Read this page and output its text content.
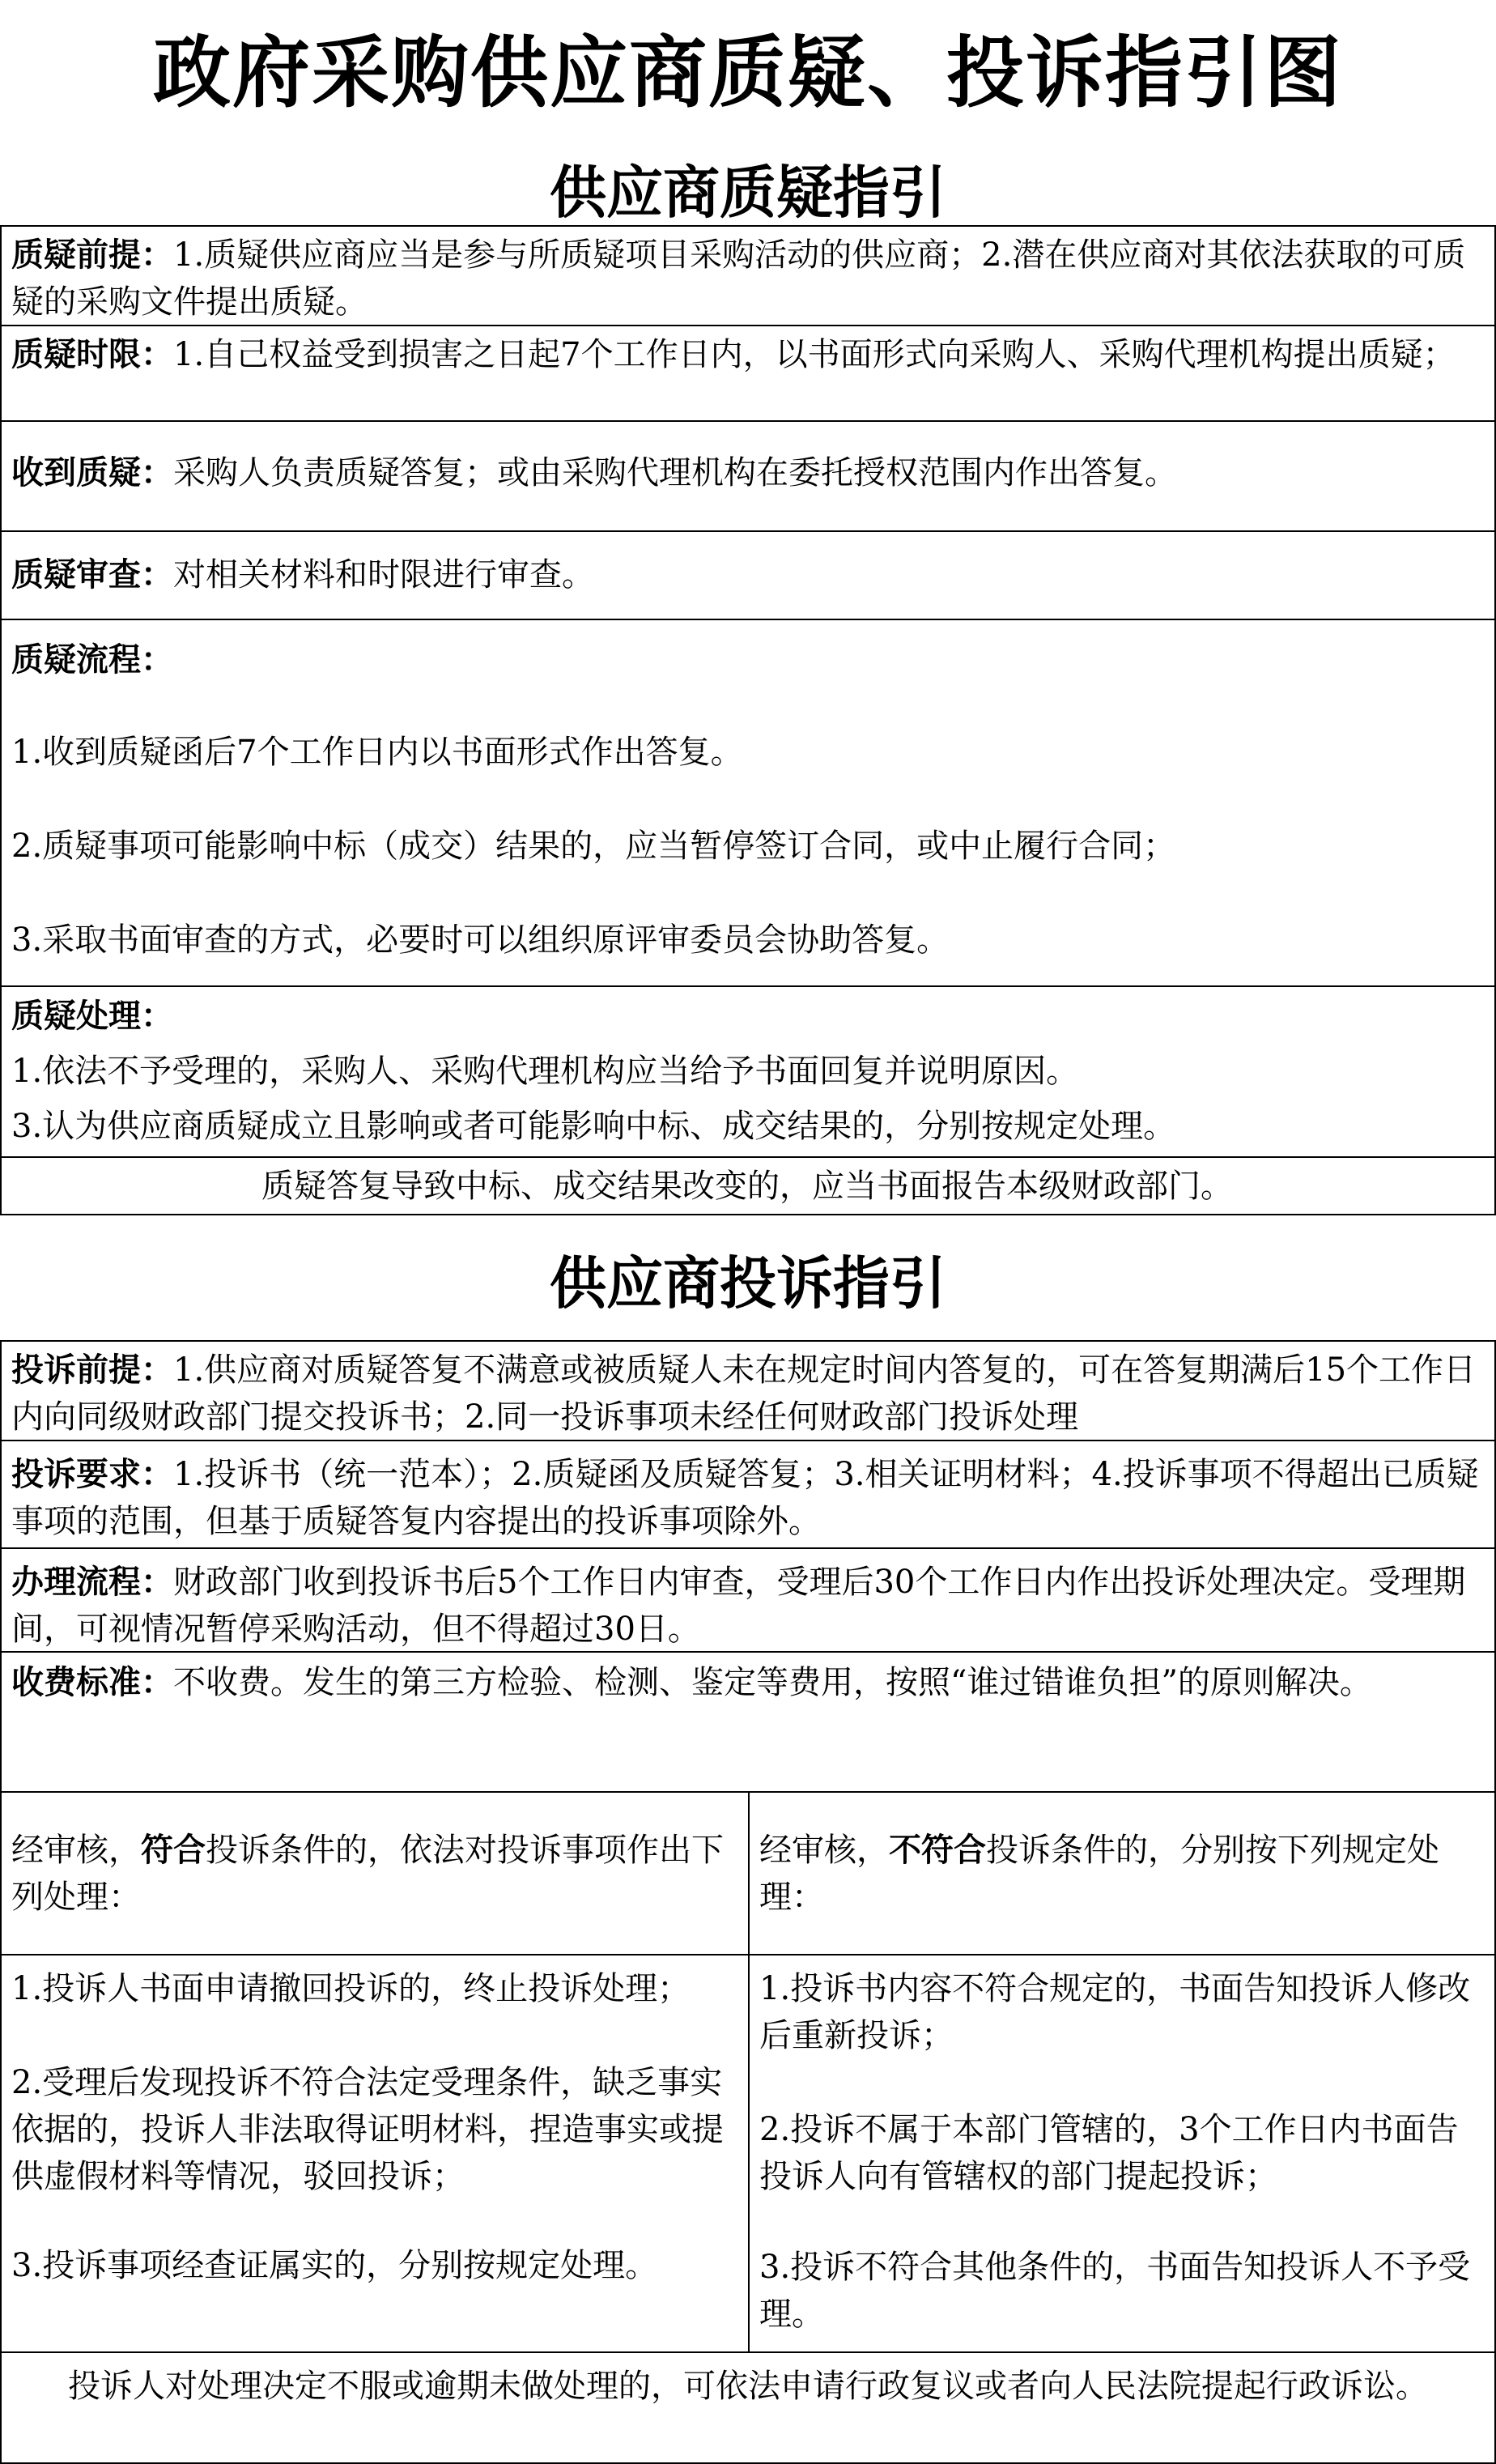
政府采购供应商质疑、投诉指引图
供应商质疑指引

质疑前提：1.质疑供应商应当是参与所质疑项目采购活动的供应商；2.潜在供应商对其依法获取的可质疑的采购文件提出质疑。

质疑时限：1.自己权益受到损害之日起7个工作日内，以书面形式向采购人、采购代理机构提出质疑；

收到质疑：采购人负责质疑答复；或由采购代理机构在委托授权范围内作出答复。

质疑审查：对相关材料和时限进行审查。

质疑流程：

1.收到质疑函后7个工作日内以书面形式作出答复。

2.质疑事项可能影响中标（成交）结果的，应当暂停签订合同，或中止履行合同；

3.采取书面审查的方式，必要时可以组织原评审委员会协助答复。

质疑处理：

1.依法不予受理的，采购人、采购代理机构应当给予书面回复并说明原因。

3.认为供应商质疑成立且影响或者可能影响中标、成交结果的，分别按规定处理。

质疑答复导致中标、成交结果改变的，应当书面报告本级财政部门。

供应商投诉指引

投诉前提：1.供应商对质疑答复不满意或被质疑人未在规定时间内答复的，可在答复期满后15个工作日内向同级财政部门提交投诉书；2.同一投诉事项未经任何财政部门投诉处理

投诉要求：1.投诉书（统一范本）；2.质疑函及质疑答复；3.相关证明材料；4.投诉事项不得超出已质疑事项的范围，但基于质疑答复内容提出的投诉事项除外。

办理流程：财政部门收到投诉书后5个工作日内审查，受理后30个工作日内作出投诉处理决定。受理期间，可视情况暂停采购活动，但不得超过30日。

收费标准：不收费。发生的第三方检验、检测、鉴定等费用，按照“谁过错谁负担”的原则解决。

经审核，符合投诉条件的，依法对投诉事项作出下列处理：

经审核，不符合投诉条件的，分别按下列规定处理：

1.投诉人书面申请撤回投诉的，终止投诉处理；

2.受理后发现投诉不符合法定受理条件，缺乏事实依据的，投诉人非法取得证明材料，捏造事实或提供虚假材料等情况，驳回投诉；

3.投诉事项经查证属实的，分别按规定处理。

1.投诉书内容不符合规定的，书面告知投诉人修改后重新投诉；

2.投诉不属于本部门管辖的，3个工作日内书面告投诉人向有管辖权的部门提起投诉；

3.投诉不符合其他条件的，书面告知投诉人不予受理。

投诉人对处理决定不服或逾期未做处理的，可依法申请行政复议或者向人民法院提起行政诉讼。
